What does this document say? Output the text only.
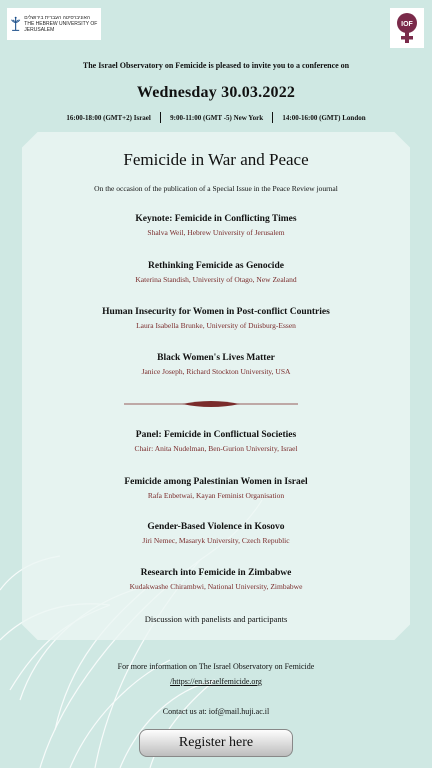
האוניברסיטה העברית בירושלים
THE HEBREW UNIVERSITY OF JERUSALEM
IOF
The Israel Observatory on Femicide is pleased to invite you to a conference on
Wednesday 30.03.2022
16:00-18:00 (GMT+2) Israel	9:00-11:00 (GMT -5) New York	14:00-16:00 (GMT) London
Femicide in War and Peace
On the occasion of the publication of a Special Issue in the Peace Review journal
Keynote: Femicide in Conflicting Times
Shalva Weil, Hebrew University of Jerusalem
Rethinking Femicide as Genocide
Katerina Standish, University of Otago, New Zealand
Human Insecurity for Women in Post-conflict Countries
Laura Isabella Brunke, University of Duisburg-Essen
Black Women's Lives Matter
Janice Joseph, Richard Stockton University, USA
Panel: Femicide in Conflictual Societies
Chair: Anita Nudelman, Ben-Gurion University, Israel
Femicide among Palestinian Women in Israel
Rafa Enbetwai, Kayan Feminist Organisation
Gender-Based Violence in Kosovo
Jiri Nemec, Masaryk University, Czech Republic
Research into Femicide in Zimbabwe
Kudakwashe Chirambwi, National University, Zimbabwe
Discussion with panelists and participants
For more information on The Israel Observatory on Femicide
/https://en.israelfemicide.org
Contact us at: iof@mail.huji.ac.il
Register here
